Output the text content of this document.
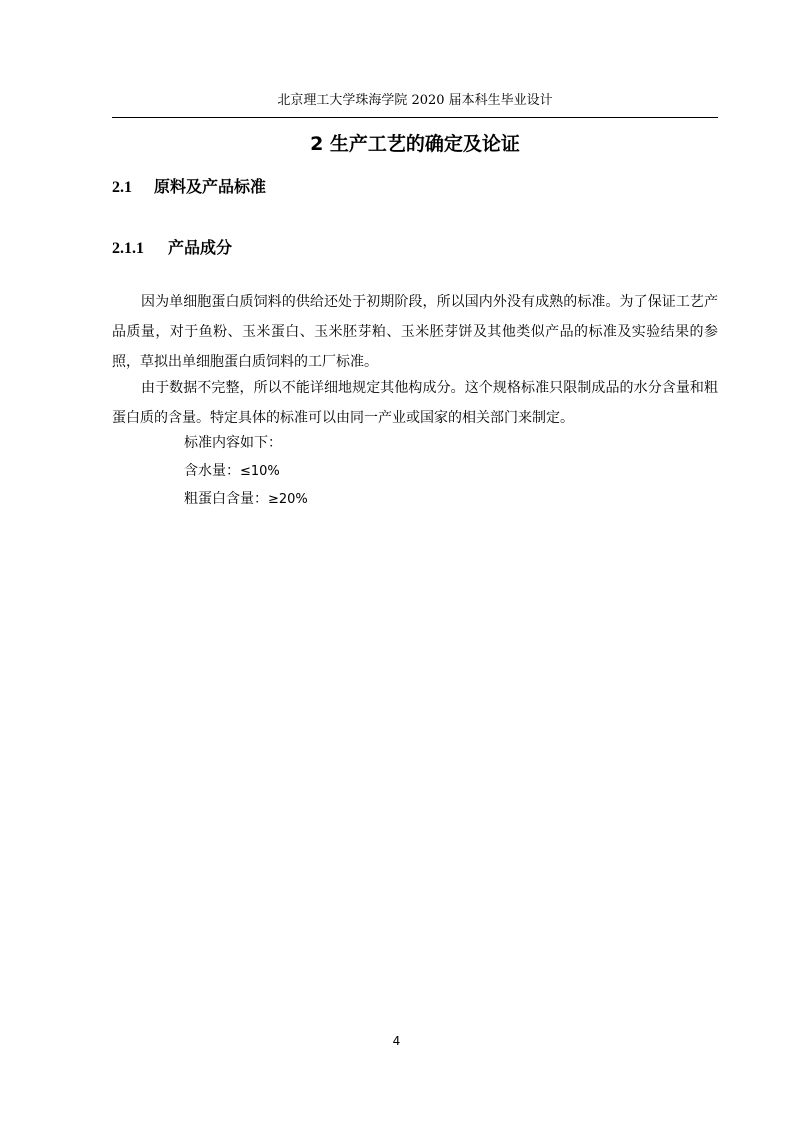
北京理工大学珠海学院 2020 届本科生毕业设计
2 生产工艺的确定及论证
2.1 原料及产品标准
2.1.1 产品成分

因为单细胞蛋白质饲料的供给还处于初期阶段，所以国内外没有成熟的标准。为了保证工艺产品质量，对于鱼粉、玉米蛋白、玉米胚芽粕、玉米胚芽饼及其他类似产品的标准及实验结果的参照，草拟出单细胞蛋白质饲料的工厂标准。

由于数据不完整，所以不能详细地规定其他构成分。这个规格标准只限制成品的水分含量和粗蛋白质的含量。特定具体的标准可以由同一产业或国家的相关部门来制定。

标准内容如下：
含水量：≤10%
粗蛋白含量：≥20%
4
